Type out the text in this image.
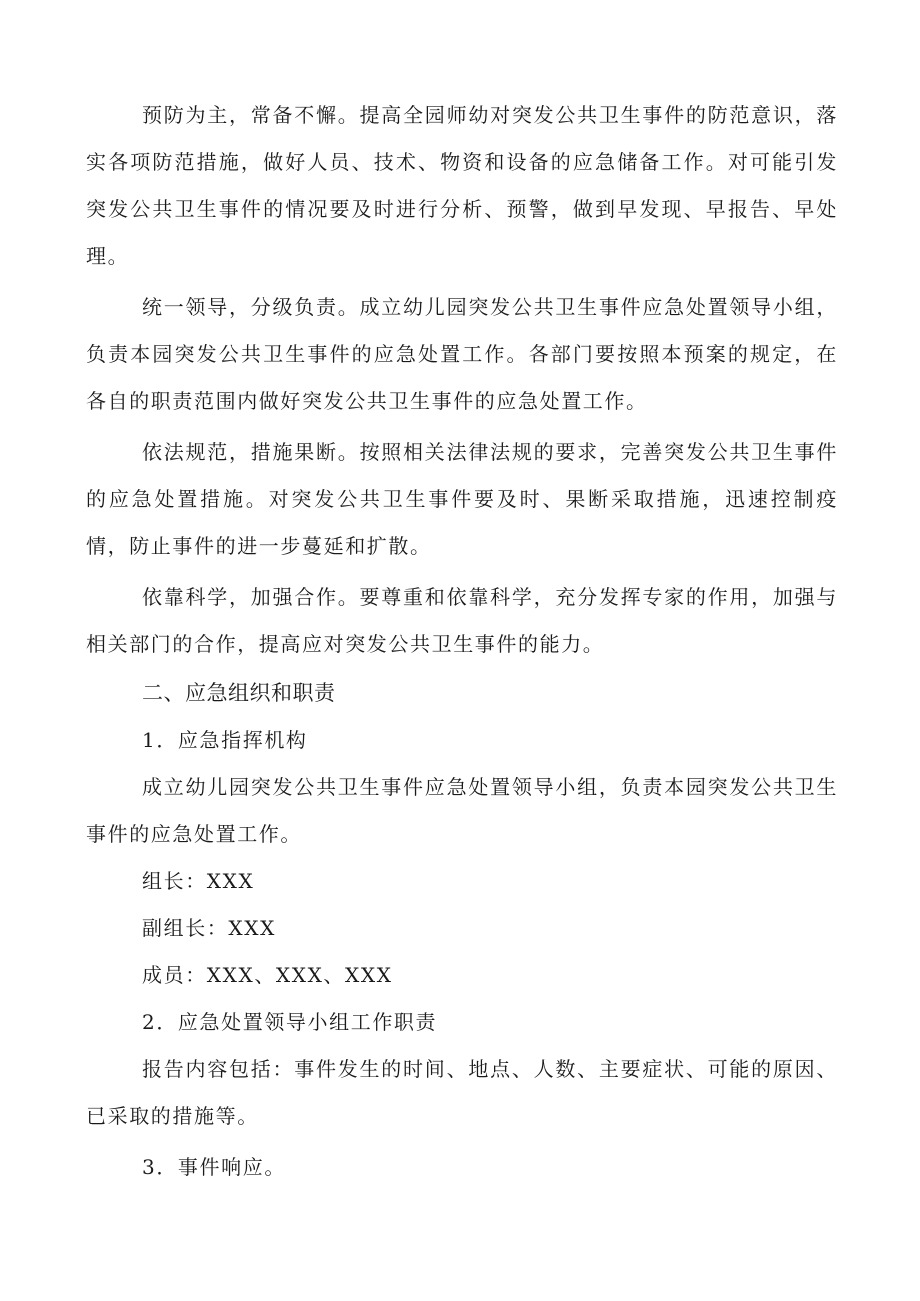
预防为主，常备不懈。提高全园师幼对突发公共卫生事件的防范意识，落实各项防范措施，做好人员、技术、物资和设备的应急储备工作。对可能引发突发公共卫生事件的情况要及时进行分析、预警，做到早发现、早报告、早处理。

统一领导，分级负责。成立幼儿园突发公共卫生事件应急处置领导小组，负责本园突发公共卫生事件的应急处置工作。各部门要按照本预案的规定，在各自的职责范围内做好突发公共卫生事件的应急处置工作。

依法规范，措施果断。按照相关法律法规的要求，完善突发公共卫生事件的应急处置措施。对突发公共卫生事件要及时、果断采取措施，迅速控制疫情，防止事件的进一步蔓延和扩散。

依靠科学，加强合作。要尊重和依靠科学，充分发挥专家的作用，加强与相关部门的合作，提高应对突发公共卫生事件的能力。

二、应急组织和职责

1．应急指挥机构

成立幼儿园突发公共卫生事件应急处置领导小组，负责本园突发公共卫生事件的应急处置工作。

组长：XXX

副组长：XXX

成员：XXX、XXX、XXX

2．应急处置领导小组工作职责

报告内容包括：事件发生的时间、地点、人数、主要症状、可能的原因、已采取的措施等。

3．事件响应。
